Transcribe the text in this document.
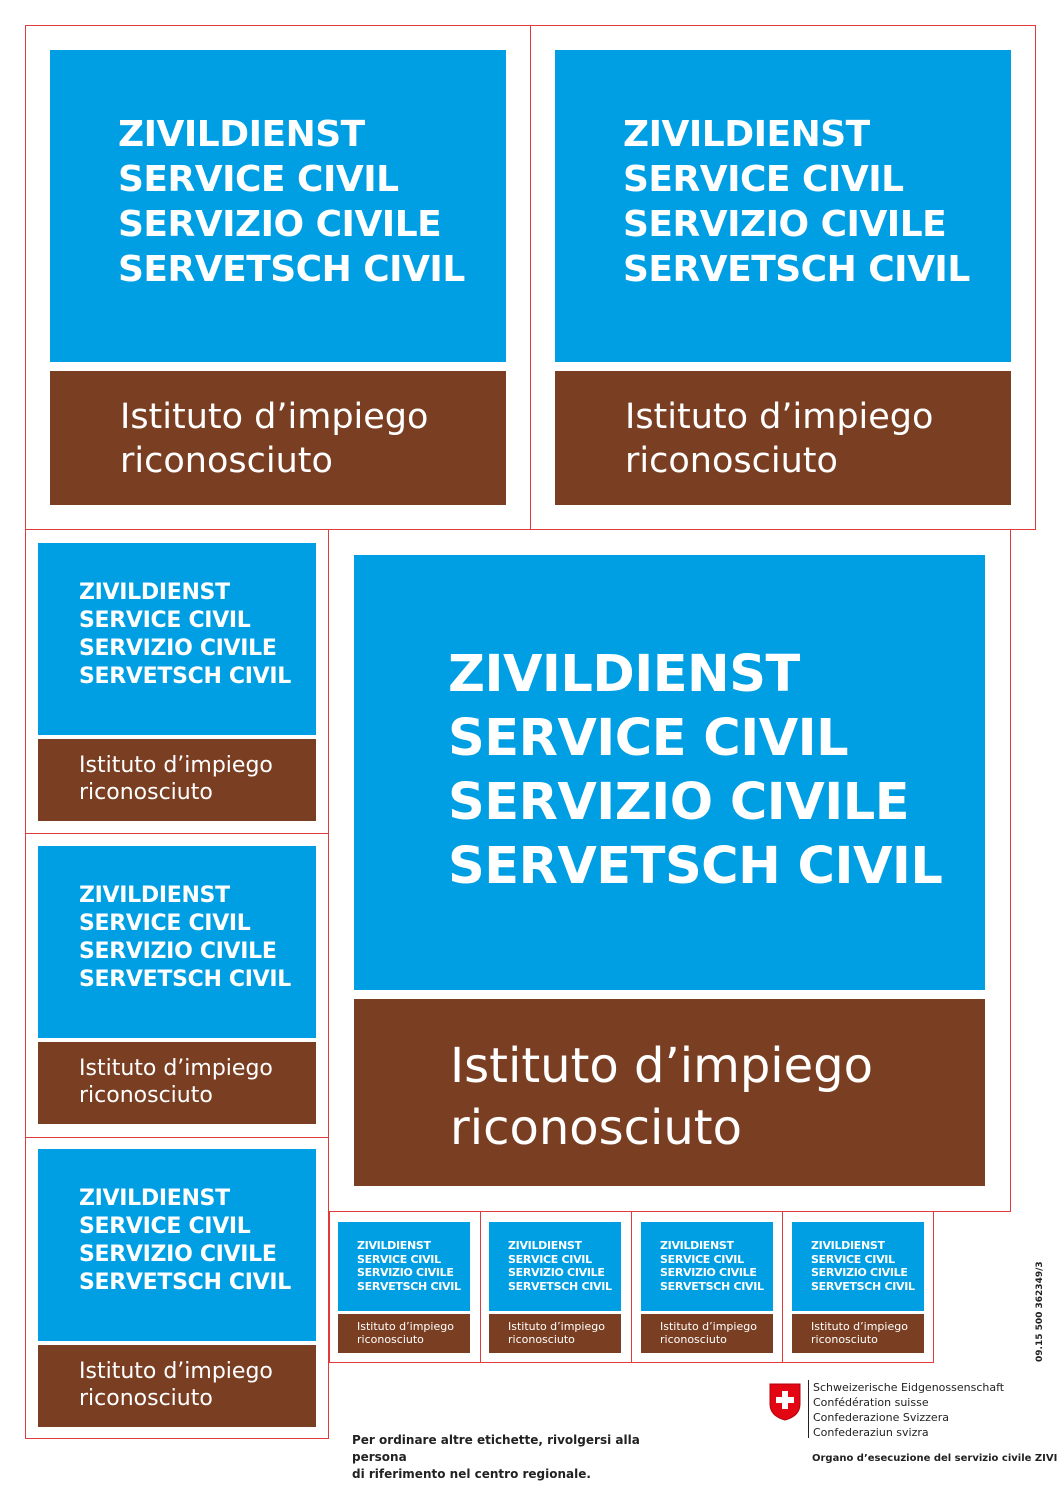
ZIVILDIENST
SERVICE CIVIL
SERVIZIO CIVILE
SERVETSCH CIVIL
Istituto d’impiego
riconosciuto
ZIVILDIENST
SERVICE CIVIL
SERVIZIO CIVILE
SERVETSCH CIVIL
Istituto d’impiego
riconosciuto
ZIVILDIENST
SERVICE CIVIL
SERVIZIO CIVILE
SERVETSCH CIVIL
Istituto d’impiego
riconosciuto
ZIVILDIENST
SERVICE CIVIL
SERVIZIO CIVILE
SERVETSCH CIVIL
Istituto d’impiego
riconosciuto
ZIVILDIENST
SERVICE CIVIL
SERVIZIO CIVILE
SERVETSCH CIVIL
Istituto d’impiego
riconosciuto
ZIVILDIENST
SERVICE CIVIL
SERVIZIO CIVILE
SERVETSCH CIVIL
Istituto d’impiego
riconosciuto
ZIVILDIENST
SERVICE CIVIL
SERVIZIO CIVILE
SERVETSCH CIVIL
Istituto d’impiego
riconosciuto
ZIVILDIENST
SERVICE CIVIL
SERVIZIO CIVILE
SERVETSCH CIVIL
Istituto d’impiego
riconosciuto
ZIVILDIENST
SERVICE CIVIL
SERVIZIO CIVILE
SERVETSCH CIVIL
Istituto d’impiego
riconosciuto
ZIVILDIENST
SERVICE CIVIL
SERVIZIO CIVILE
SERVETSCH CIVIL
Istituto d’impiego
riconosciuto
Per ordinare altre etichette, rivolgersi alla persona
di riferimento nel centro regionale.
Schweizerische Eidgenossenschaft
Confédération suisse
Confederazione Svizzera
Confederaziun svizra
Organo d’esecuzione del servizio civile ZIVI
09.15 500 362349/3
